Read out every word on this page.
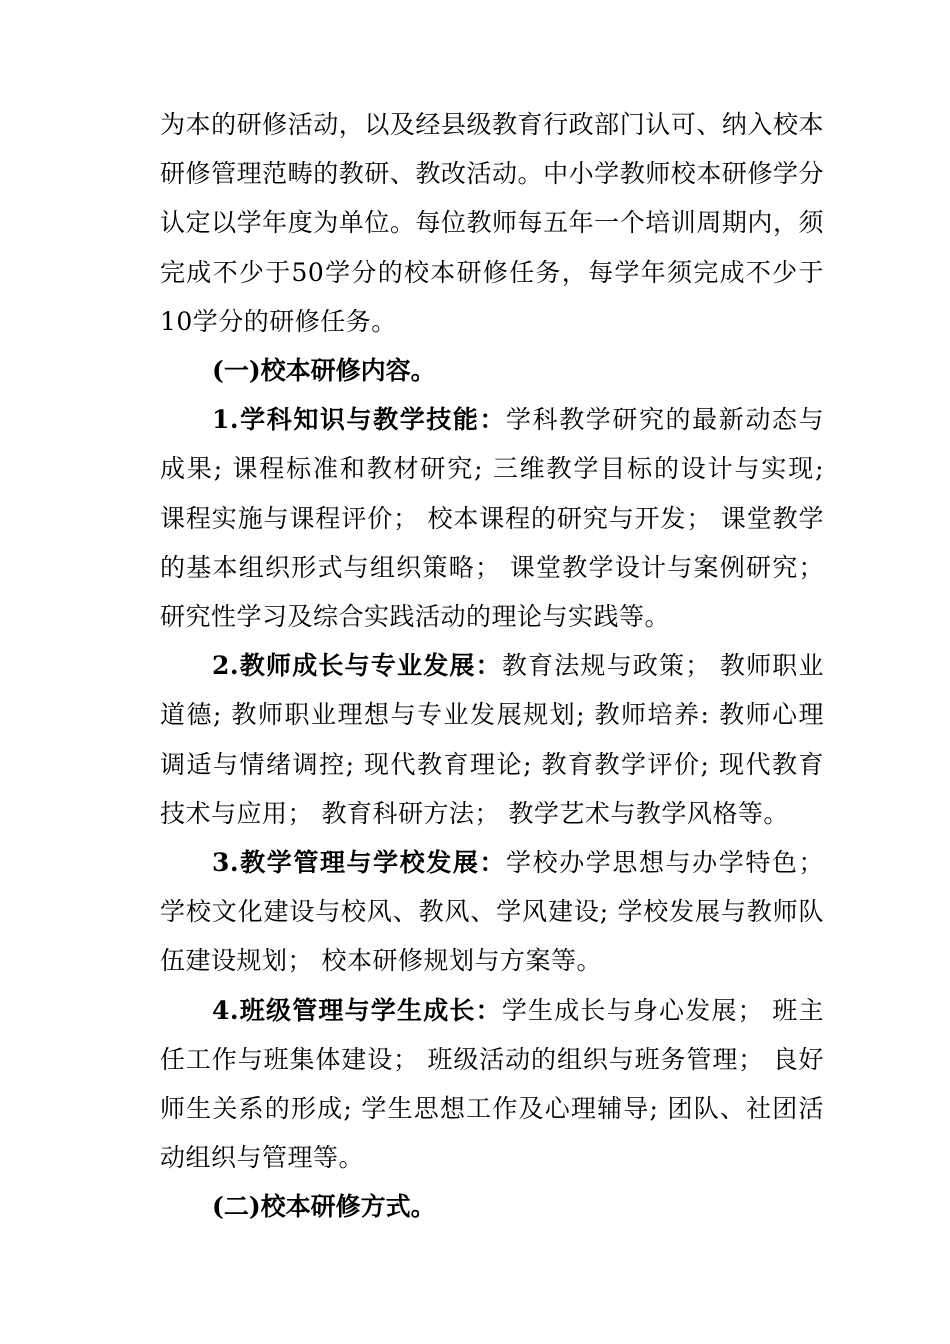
为本的研修活动，以及经县级教育行政部门认可、纳入校本研修管理范畴的教研、教改活动。中小学教师校本研修学分认定以学年度为单位。每位教师每五年一个培训周期内，须完成不少于50学分的校本研修任务，每学年须完成不少于10学分的研修任务。

(一)校本研修内容。

1.学科知识与教学技能：学科教学研究的最新动态与成果; 课程标准和教材研究; 三维教学目标的设计与实现; 课程实施与课程评价； 校本课程的研究与开发； 课堂教学的基本组织形式与组织策略； 课堂教学设计与案例研究； 研究性学习及综合实践活动的理论与实践等。

2.教师成长与专业发展：教育法规与政策； 教师职业道德; 教师职业理想与专业发展规划; 教师培养: 教师心理调适与情绪调控; 现代教育理论; 教育教学评价; 现代教育技术与应用； 教育科研方法； 教学艺术与教学风格等。

3.教学管理与学校发展：学校办学思想与办学特色； 学校文化建设与校风、教风、学风建设; 学校发展与教师队伍建设规划； 校本研修规划与方案等。

4.班级管理与学生成长：学生成长与身心发展； 班主任工作与班集体建设； 班级活动的组织与班务管理； 良好师生关系的形成; 学生思想工作及心理辅导; 团队、社团活动组织与管理等。

(二)校本研修方式。
